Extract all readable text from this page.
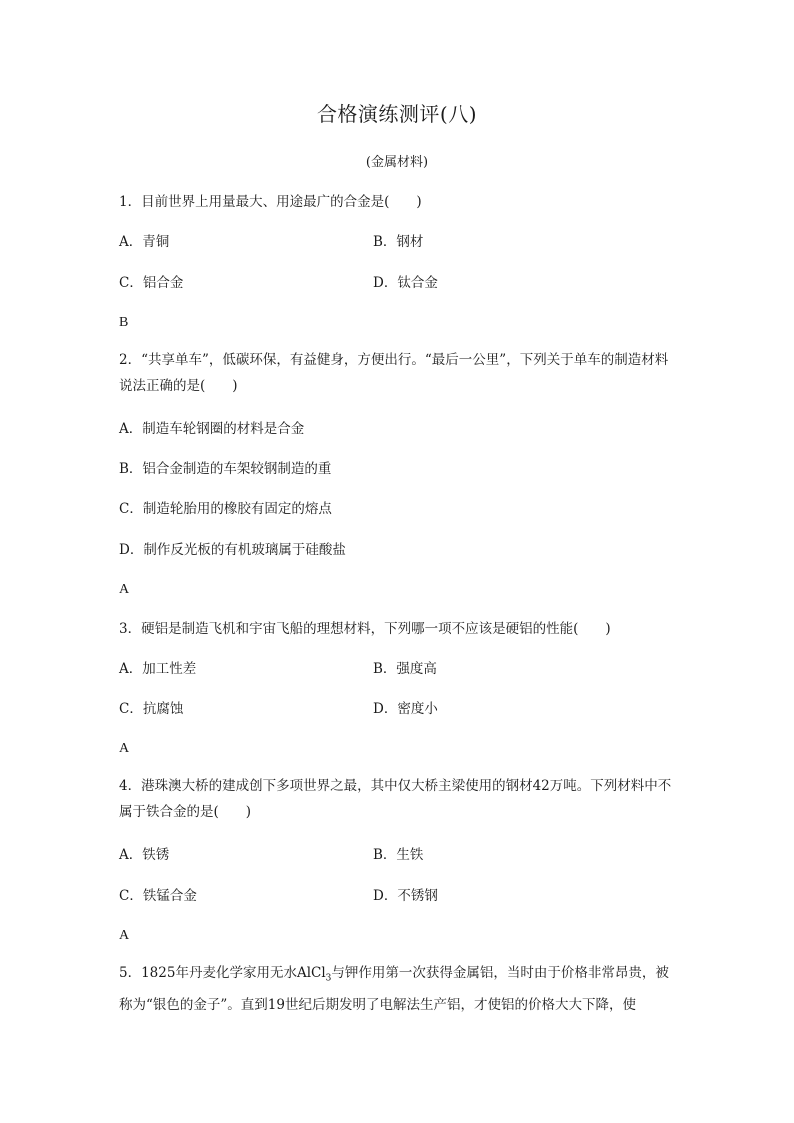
合格演练测评(八)
(金属材料)
1．目前世界上用量最大、用途最广的合金是(　　)
A．青铜	B．钢材
C．铝合金	D．钛合金
B
2．“共享单车”，低碳环保，有益健身，方便出行。“最后一公里”，下列关于单车的制造材料说法正确的是(　　)
A．制造车轮钢圈的材料是合金
B．铝合金制造的车架较钢制造的重
C．制造轮胎用的橡胶有固定的熔点
D．制作反光板的有机玻璃属于硅酸盐
A
3．硬铝是制造飞机和宇宙飞船的理想材料，下列哪一项不应该是硬铝的性能(　　)
A．加工性差	B．强度高
C．抗腐蚀	D．密度小
A
4．港珠澳大桥的建成创下多项世界之最，其中仅大桥主梁使用的钢材42万吨。下列材料中不属于铁合金的是(　　)
A．铁锈	B．生铁
C．铁锰合金	D．不锈钢
A
5．1825年丹麦化学家用无水AlCl$_3$与钾作用第一次获得金属铝，当时由于价格非常昂贵，被称为“银色的金子”。直到19世纪后期发明了电解法生产铝，才使铝的价格大大下降，使
